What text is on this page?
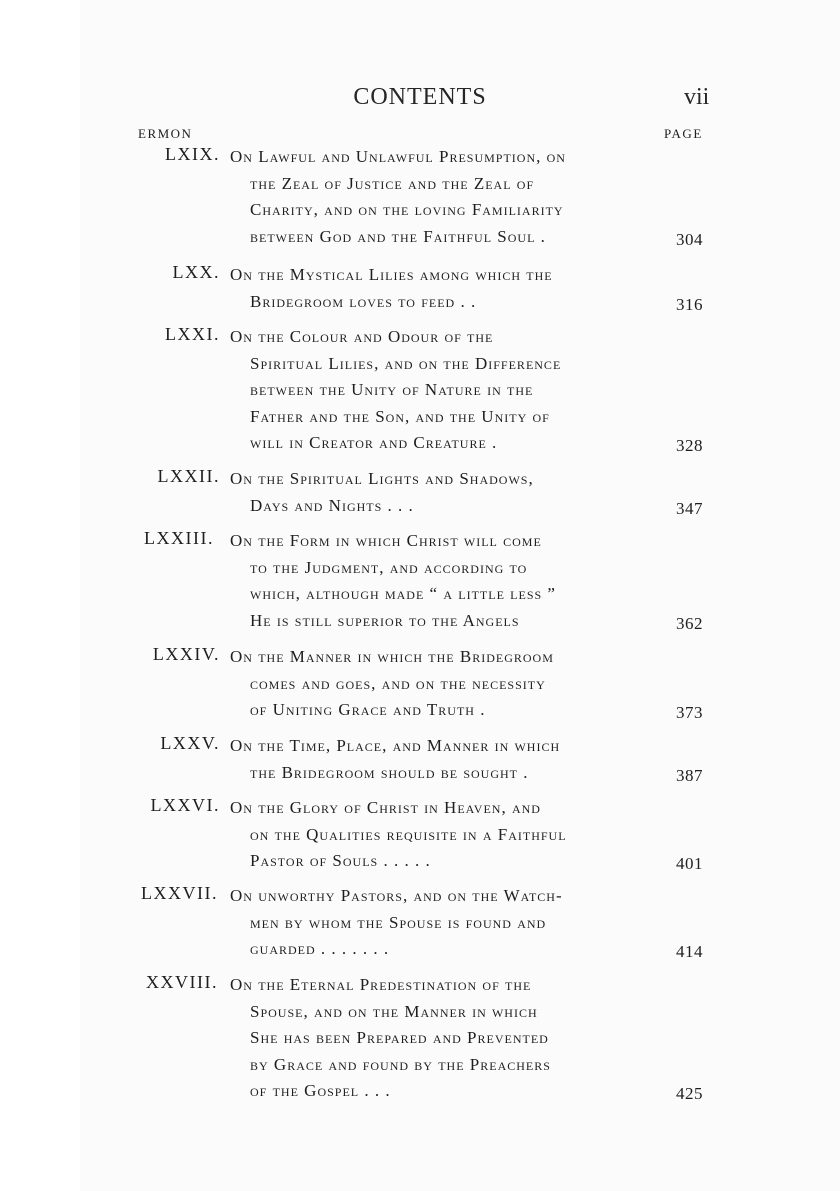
CONTENTS	vii
ERMON	PAGE
LXIX. On Lawful and Unlawful Presumption, on
the Zeal of Justice and the Zeal of
Charity, and on the loving Familiarity
between God and the Faithful Soul .	304
LXX. On the Mystical Lilies among which the
Bridegroom loves to feed . .	316
LXXI. On the Colour and Odour of the
Spiritual Lilies, and on the Difference
between the Unity of Nature in the
Father and the Son, and the Unity of
will in Creator and Creature .	328
LXXII. On the Spiritual Lights and Shadows,
Days and Nights . . .	347
LXXIII. On the Form in which Christ will come
to the Judgment, and according to
which, although made “ a little less ”
He is still superior to the Angels	362
LXXIV. On the Manner in which the Bridegroom
comes and goes, and on the necessity
of Uniting Grace and Truth .	373
LXXV. On the Time, Place, and Manner in which
the Bridegroom should be sought .	387
LXXVI. On the Glory of Christ in Heaven, and
on the Qualities requisite in a Faithful
Pastor of Souls . . . . .	401
LXXVII. On unworthy Pastors, and on the Watch-
men by whom the Spouse is found and
guarded . . . . . . .	414
XXVIII. On the Eternal Predestination of the
Spouse, and on the Manner in which
She has been Prepared and Prevented
by Grace and found by the Preachers
of the Gospel . . .	425
